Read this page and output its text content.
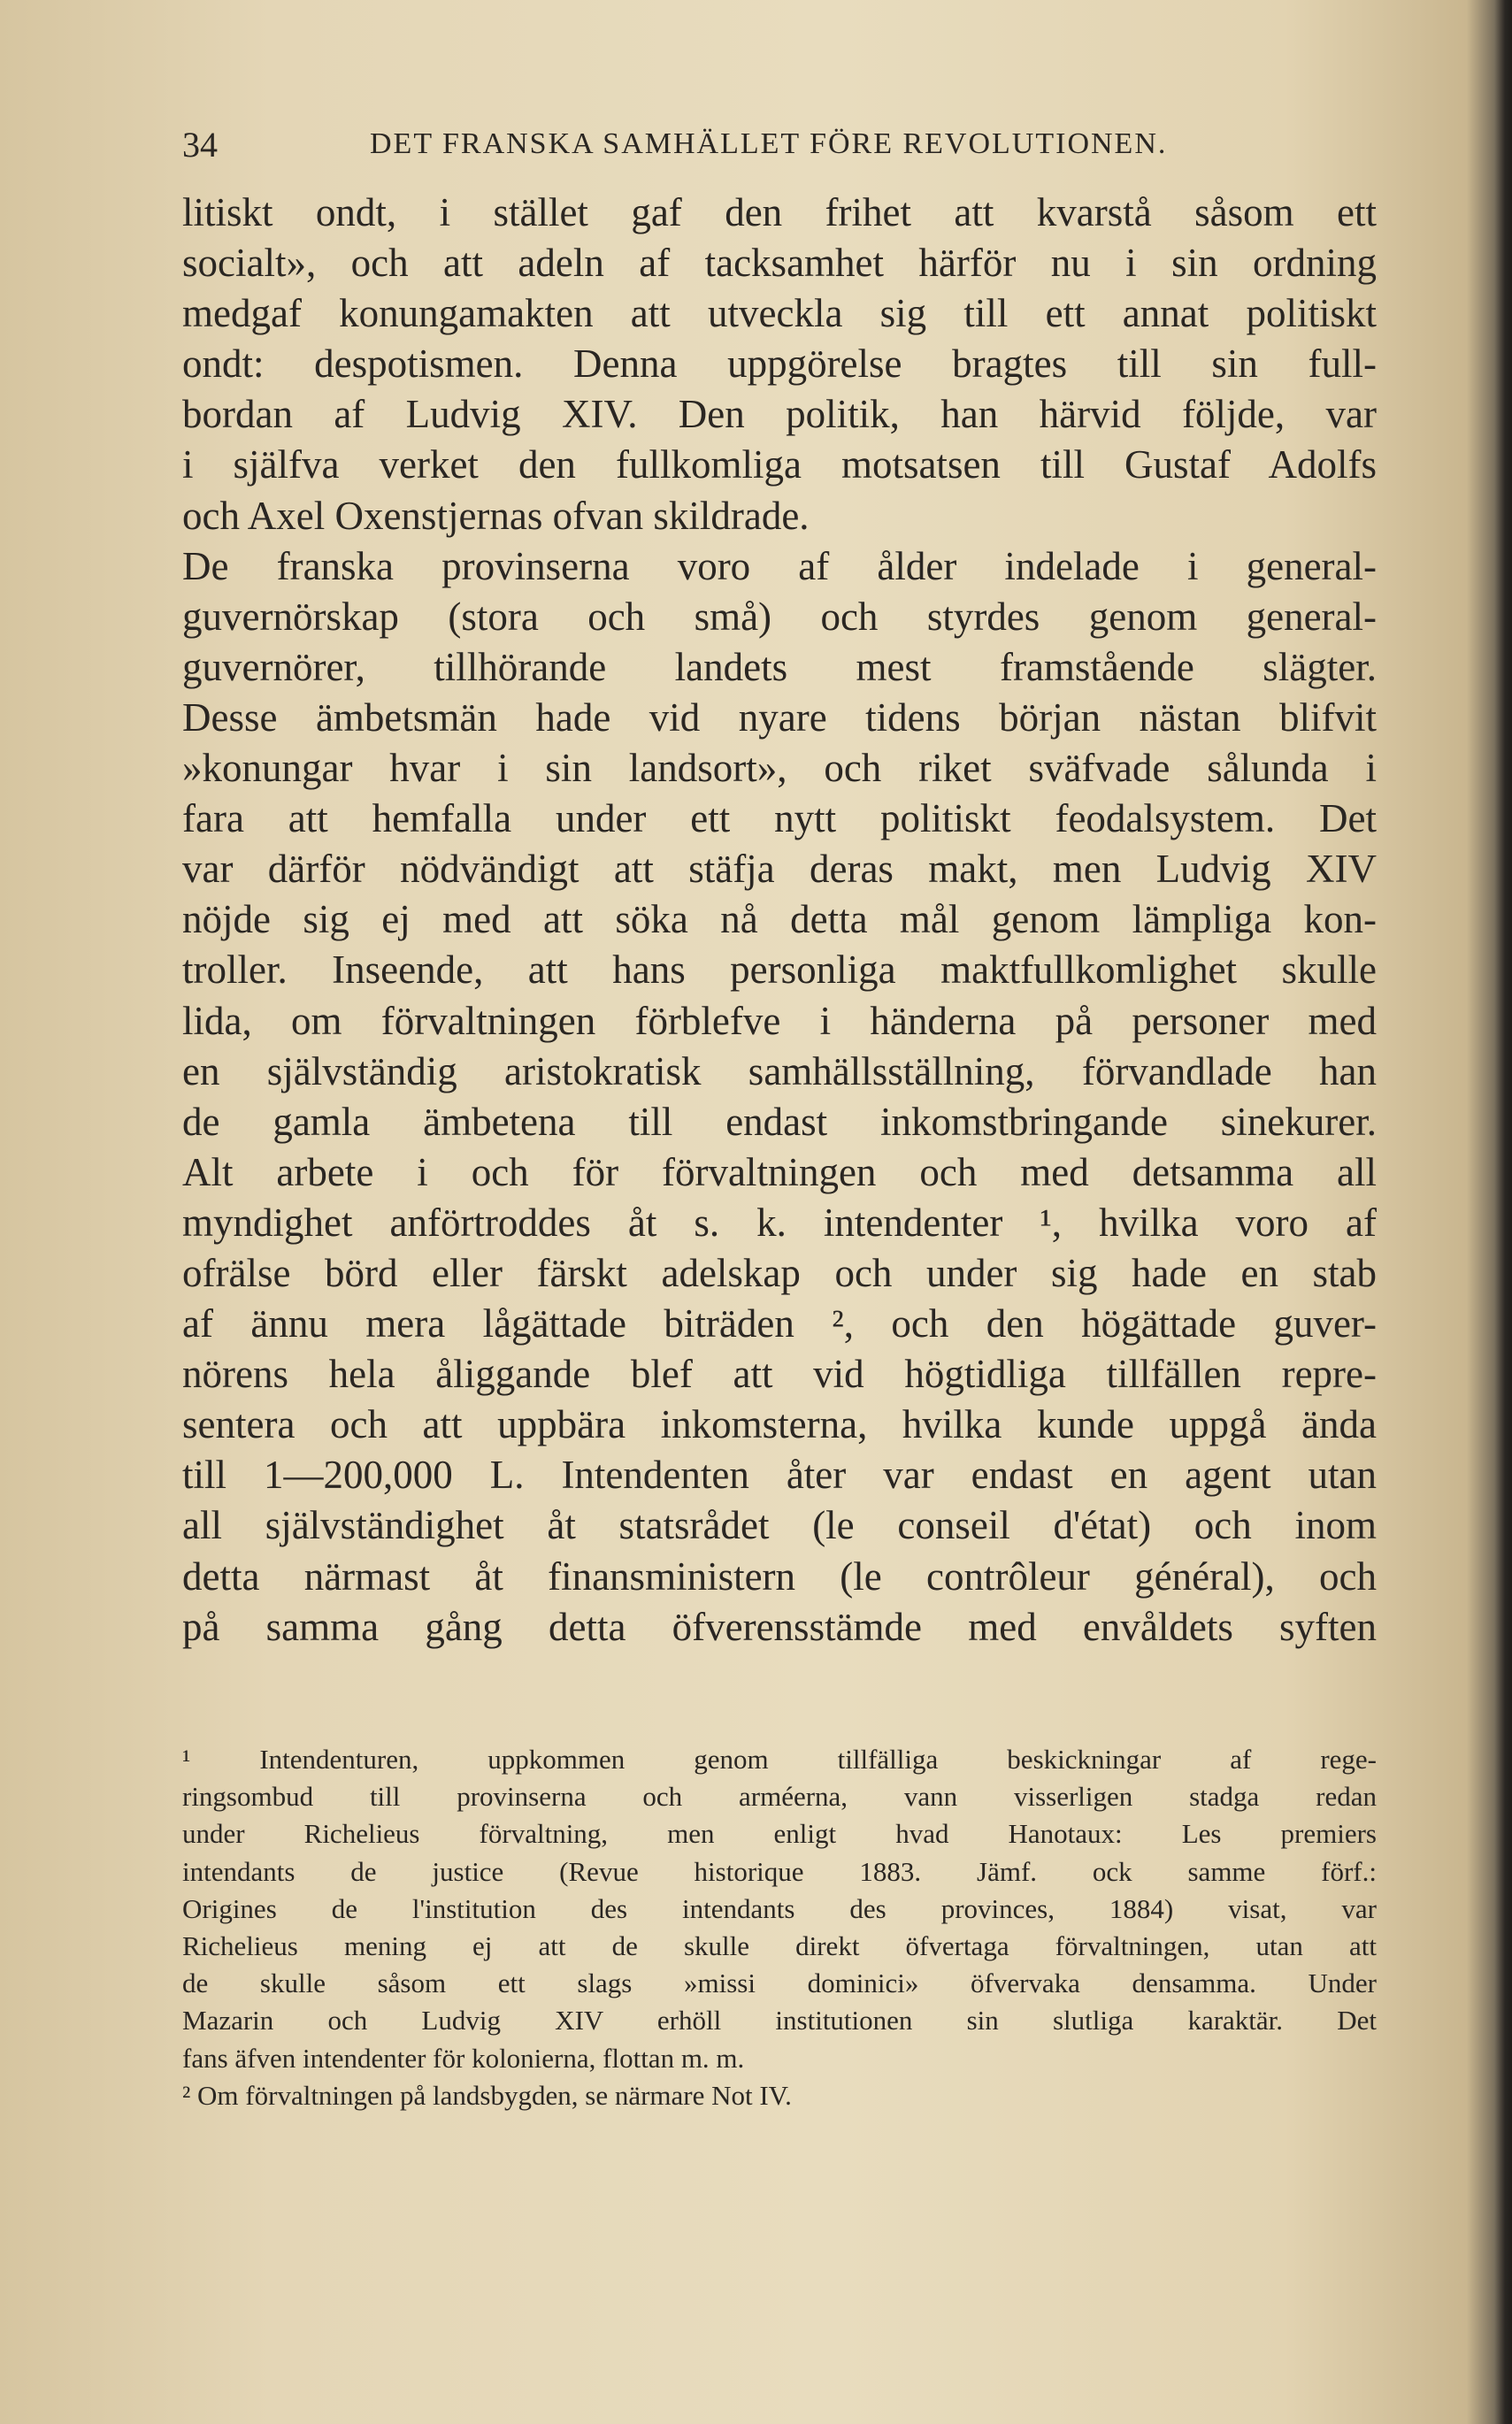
34	DET FRANSKA SAMHÄLLET FÖRE REVOLUTIONEN.
litiskt ondt, i stället gaf den frihet att kvarstå såsom ett
socialt», och att adeln af tacksamhet härför nu i sin ordning
medgaf konungamakten att utveckla sig till ett annat politiskt
ondt: despotismen. Denna uppgörelse bragtes till sin full-
bordan af Ludvig XIV. Den politik, han härvid följde, var
i själfva verket den fullkomliga motsatsen till Gustaf Adolfs
och Axel Oxenstjernas ofvan skildrade.
De franska provinserna voro af ålder indelade i general-
guvernörskap (stora och små) och styrdes genom general-
guvernörer, tillhörande landets mest framstående slägter.
Desse ämbetsmän hade vid nyare tidens början nästan blifvit
»konungar hvar i sin landsort», och riket sväfvade sålunda i
fara att hemfalla under ett nytt politiskt feodalsystem. Det
var därför nödvändigt att stäfja deras makt, men Ludvig XIV
nöjde sig ej med att söka nå detta mål genom lämpliga kon-
troller. Inseende, att hans personliga maktfullkomlighet skulle
lida, om förvaltningen förblefve i händerna på personer med
en självständig aristokratisk samhällsställning, förvandlade han
de gamla ämbetena till endast inkomstbringande sinekurer.
Alt arbete i och för förvaltningen och med detsamma all
myndighet anförtroddes åt s. k. intendenter ¹, hvilka voro af
ofrälse börd eller färskt adelskap och under sig hade en stab
af ännu mera lågättade biträden ², och den högättade guver-
nörens hela åliggande blef att vid högtidliga tillfällen repre-
sentera och att uppbära inkomsterna, hvilka kunde uppgå ända
till 1—200,000 L. Intendenten åter var endast en agent utan
all självständighet åt statsrådet (le conseil d'état) och inom
detta närmast åt finansministern (le contrôleur général), och
på samma gång detta öfverensstämde med envåldets syften
¹ Intendenturen, uppkommen genom tillfälliga beskickningar af rege-
ringsombud till provinserna och arméerna, vann visserligen stadga redan
under Richelieus förvaltning, men enligt hvad Hanotaux: Les premiers
intendants de justice (Revue historique 1883. Jämf. ock samme förf.:
Origines de l'institution des intendants des provinces, 1884) visat, var
Richelieus mening ej att de skulle direkt öfvertaga förvaltningen, utan att
de skulle såsom ett slags »missi dominici» öfvervaka densamma. Under
Mazarin och Ludvig XIV erhöll institutionen sin slutliga karaktär. Det
fans äfven intendenter för kolonierna, flottan m. m.
² Om förvaltningen på landsbygden, se närmare Not IV.
